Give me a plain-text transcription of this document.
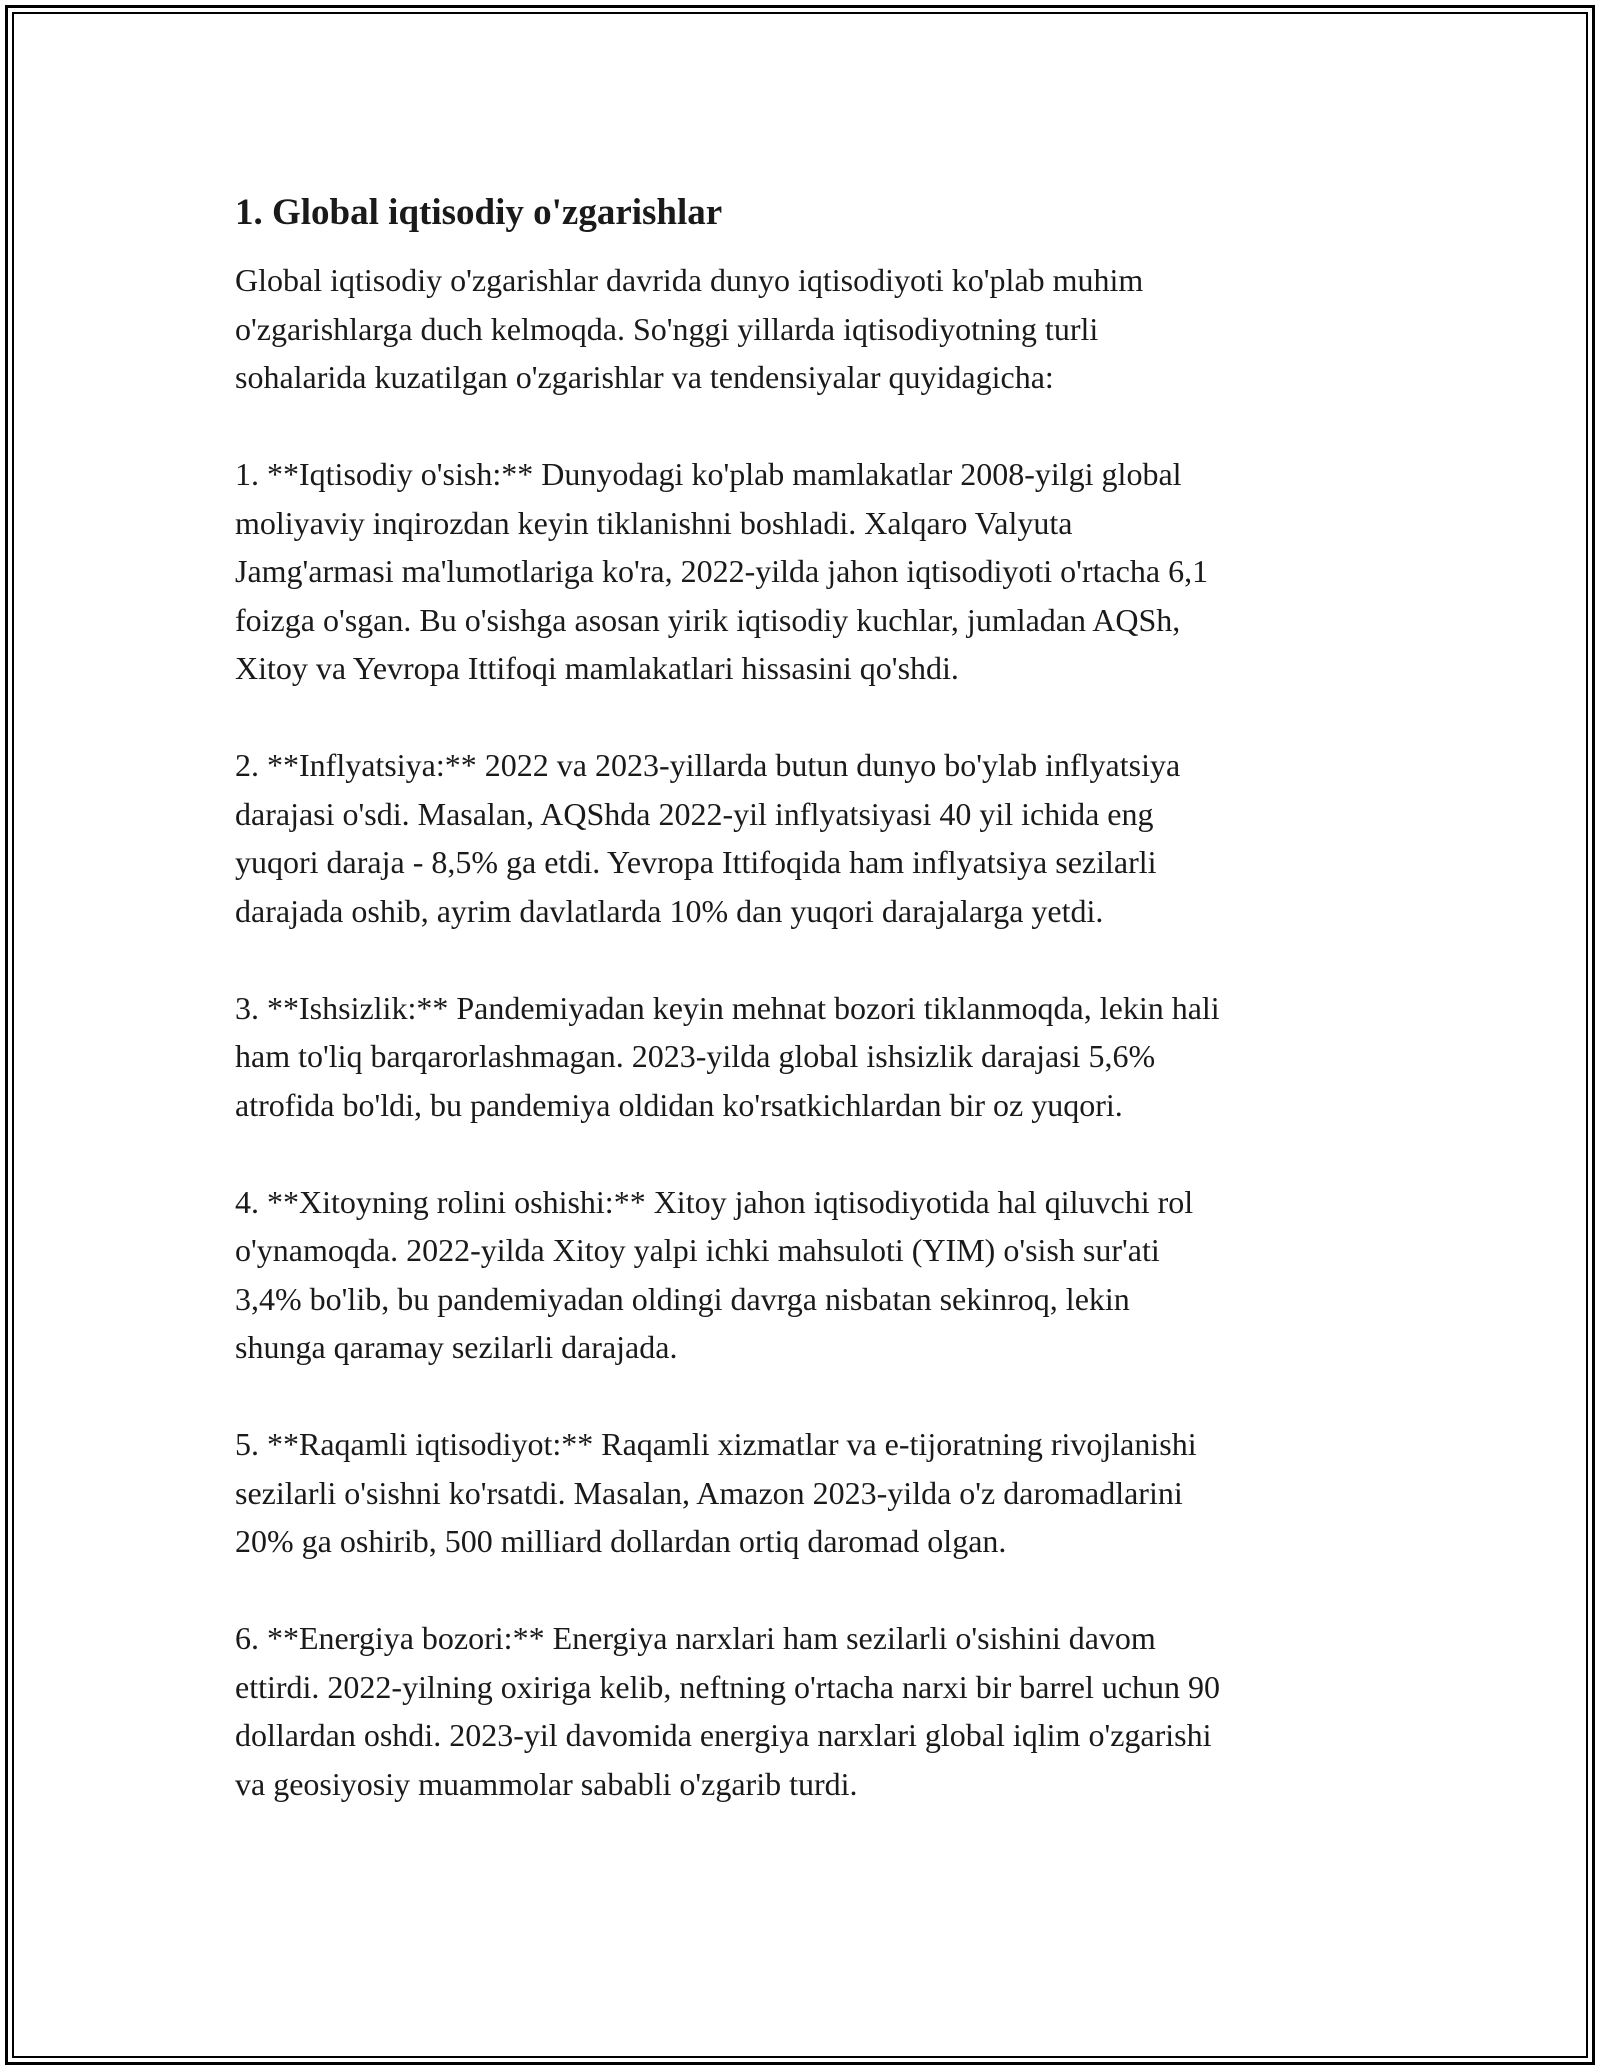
1. Global iqtisodiy o'zgarishlar
Global iqtisodiy o'zgarishlar davrida dunyo iqtisodiyoti ko'plab muhim
o'zgarishlarga duch kelmoqda. So'nggi yillarda iqtisodiyotning turli
sohalarida kuzatilgan o'zgarishlar va tendensiyalar quyidagicha:
1. **Iqtisodiy o'sish:** Dunyodagi ko'plab mamlakatlar 2008-yilgi global
moliyaviy inqirozdan keyin tiklanishni boshladi. Xalqaro Valyuta
Jamg'armasi ma'lumotlariga ko'ra, 2022-yilda jahon iqtisodiyoti o'rtacha 6,1
foizga o'sgan. Bu o'sishga asosan yirik iqtisodiy kuchlar, jumladan AQSh,
Xitoy va Yevropa Ittifoqi mamlakatlari hissasini qo'shdi.
2. **Inflyatsiya:** 2022 va 2023-yillarda butun dunyo bo'ylab inflyatsiya
darajasi o'sdi. Masalan, AQShda 2022-yil inflyatsiyasi 40 yil ichida eng
yuqori daraja - 8,5% ga etdi. Yevropa Ittifoqida ham inflyatsiya sezilarli
darajada oshib, ayrim davlatlarda 10% dan yuqori darajalarga yetdi.
3. **Ishsizlik:** Pandemiyadan keyin mehnat bozori tiklanmoqda, lekin hali
ham to'liq barqarorlashmagan. 2023-yilda global ishsizlik darajasi 5,6%
atrofida bo'ldi, bu pandemiya oldidan ko'rsatkichlardan bir oz yuqori.
4. **Xitoyning rolini oshishi:** Xitoy jahon iqtisodiyotida hal qiluvchi rol
o'ynamoqda. 2022-yilda Xitoy yalpi ichki mahsuloti (YIM) o'sish sur'ati
3,4% bo'lib, bu pandemiyadan oldingi davrga nisbatan sekinroq, lekin
shunga qaramay sezilarli darajada.
5. **Raqamli iqtisodiyot:** Raqamli xizmatlar va e-tijoratning rivojlanishi
sezilarli o'sishni ko'rsatdi. Masalan, Amazon 2023-yilda o'z daromadlarini
20% ga oshirib, 500 milliard dollardan ortiq daromad olgan.
6. **Energiya bozori:** Energiya narxlari ham sezilarli o'sishini davom
ettirdi. 2022-yilning oxiriga kelib, neftning o'rtacha narxi bir barrel uchun 90
dollardan oshdi. 2023-yil davomida energiya narxlari global iqlim o'zgarishi
va geosiyosiy muammolar sababli o'zgarib turdi.
